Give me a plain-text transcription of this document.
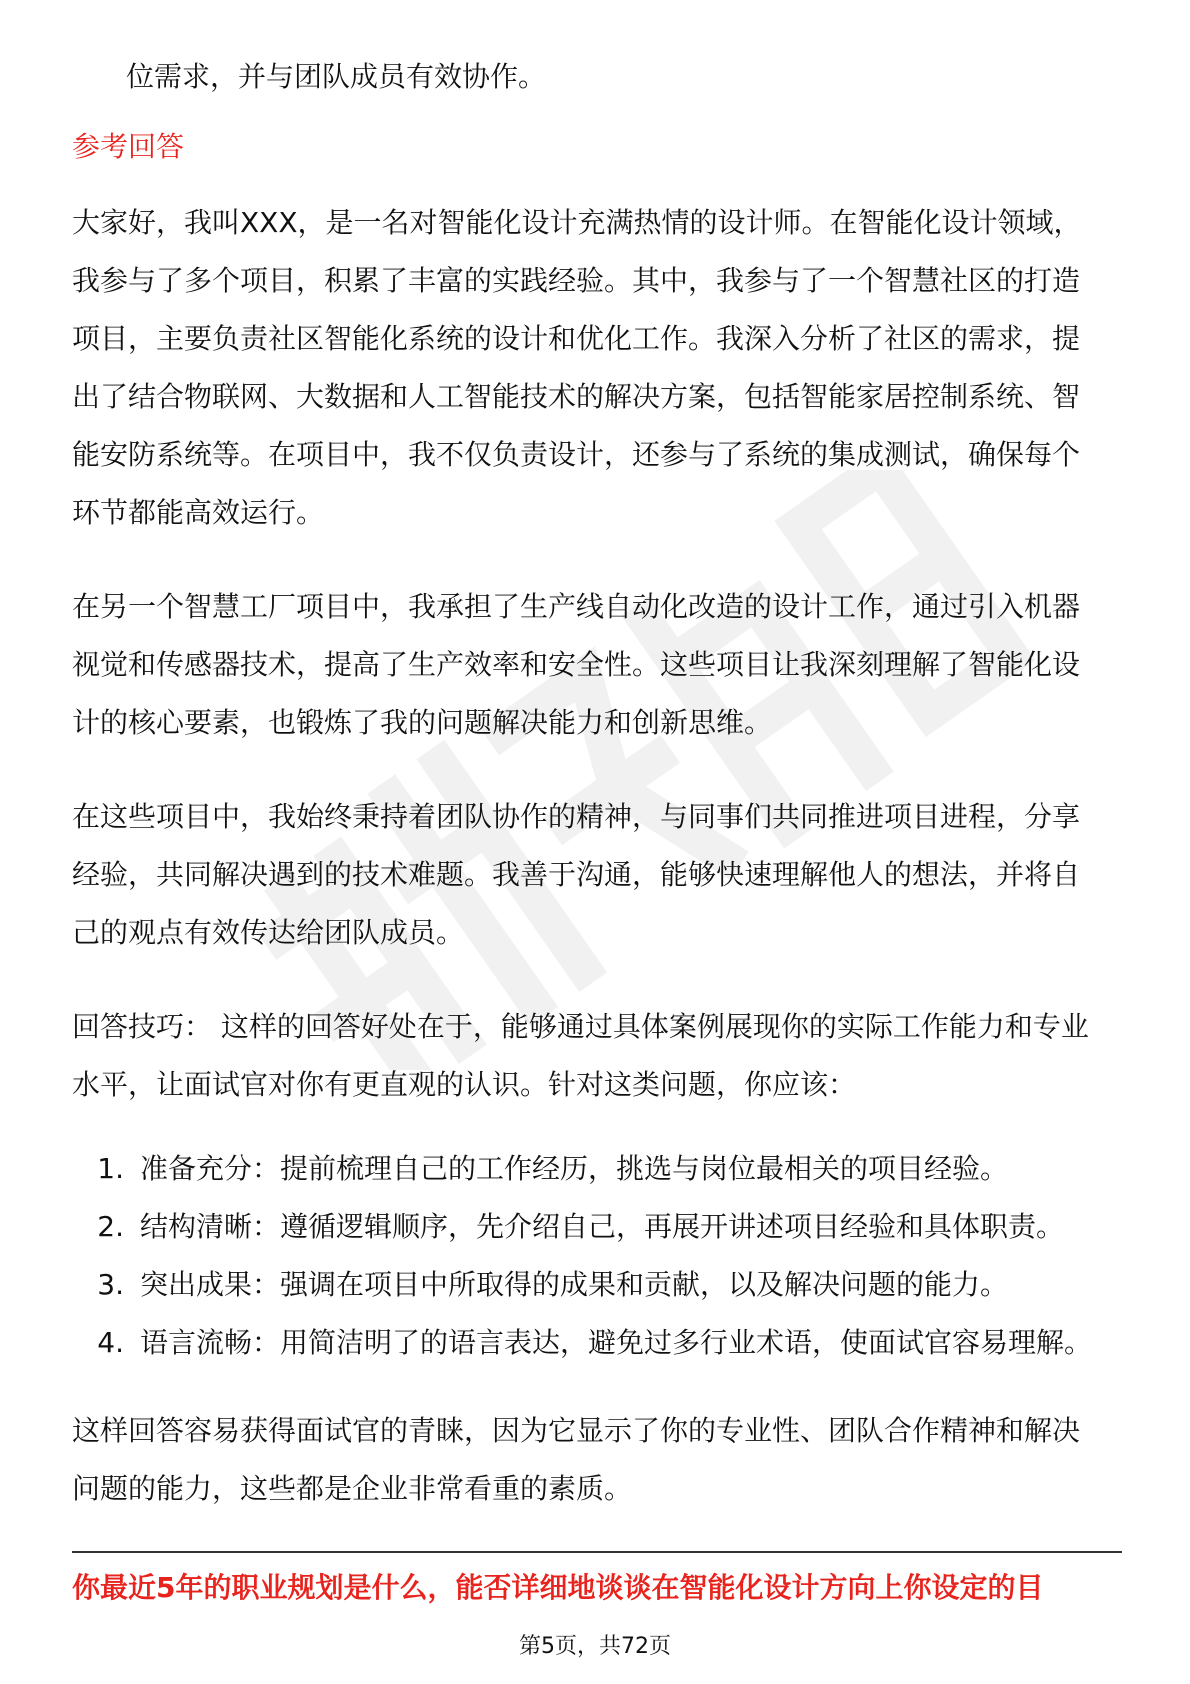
位需求，并与团队成员有效协作。

参考回答

大家好，我叫XXX，是一名对智能化设计充满热情的设计师。在智能化设计领域，

我参与了多个项目，积累了丰富的实践经验。其中，我参与了一个智慧社区的打造

项目，主要负责社区智能化系统的设计和优化工作。我深入分析了社区的需求，提

出了结合物联网、大数据和人工智能技术的解决方案，包括智能家居控制系统、智

能安防系统等。在项目中，我不仅负责设计，还参与了系统的集成测试，确保每个

环节都能高效运行。

在另一个智慧工厂项目中，我承担了生产线自动化改造的设计工作，通过引入机器

视觉和传感器技术，提高了生产效率和安全性。这些项目让我深刻理解了智能化设

计的核心要素，也锻炼了我的问题解决能力和创新思维。

在这些项目中，我始终秉持着团队协作的精神，与同事们共同推进项目进程，分享

经验，共同解决遇到的技术难题。我善于沟通，能够快速理解他人的想法，并将自

己的观点有效传达给团队成员。

回答技巧： 这样的回答好处在于，能够通过具体案例展现你的实际工作能力和专业

水平，让面试官对你有更直观的认识。针对这类问题，你应该：

1. 准备充分：提前梳理自己的工作经历，挑选与岗位最相关的项目经验。
2. 结构清晰：遵循逻辑顺序，先介绍自己，再展开讲述项目经验和具体职责。
3. 突出成果：强调在项目中所取得的成果和贡献，以及解决问题的能力。
4. 语言流畅：用简洁明了的语言表达，避免过多行业术语，使面试官容易理解。

这样回答容易获得面试官的青睐，因为它显示了你的专业性、团队合作精神和解决

问题的能力，这些都是企业非常看重的素质。

你最近5年的职业规划是什么，能否详细地谈谈在智能化设计方向上你设定的目
第5页，共72页
